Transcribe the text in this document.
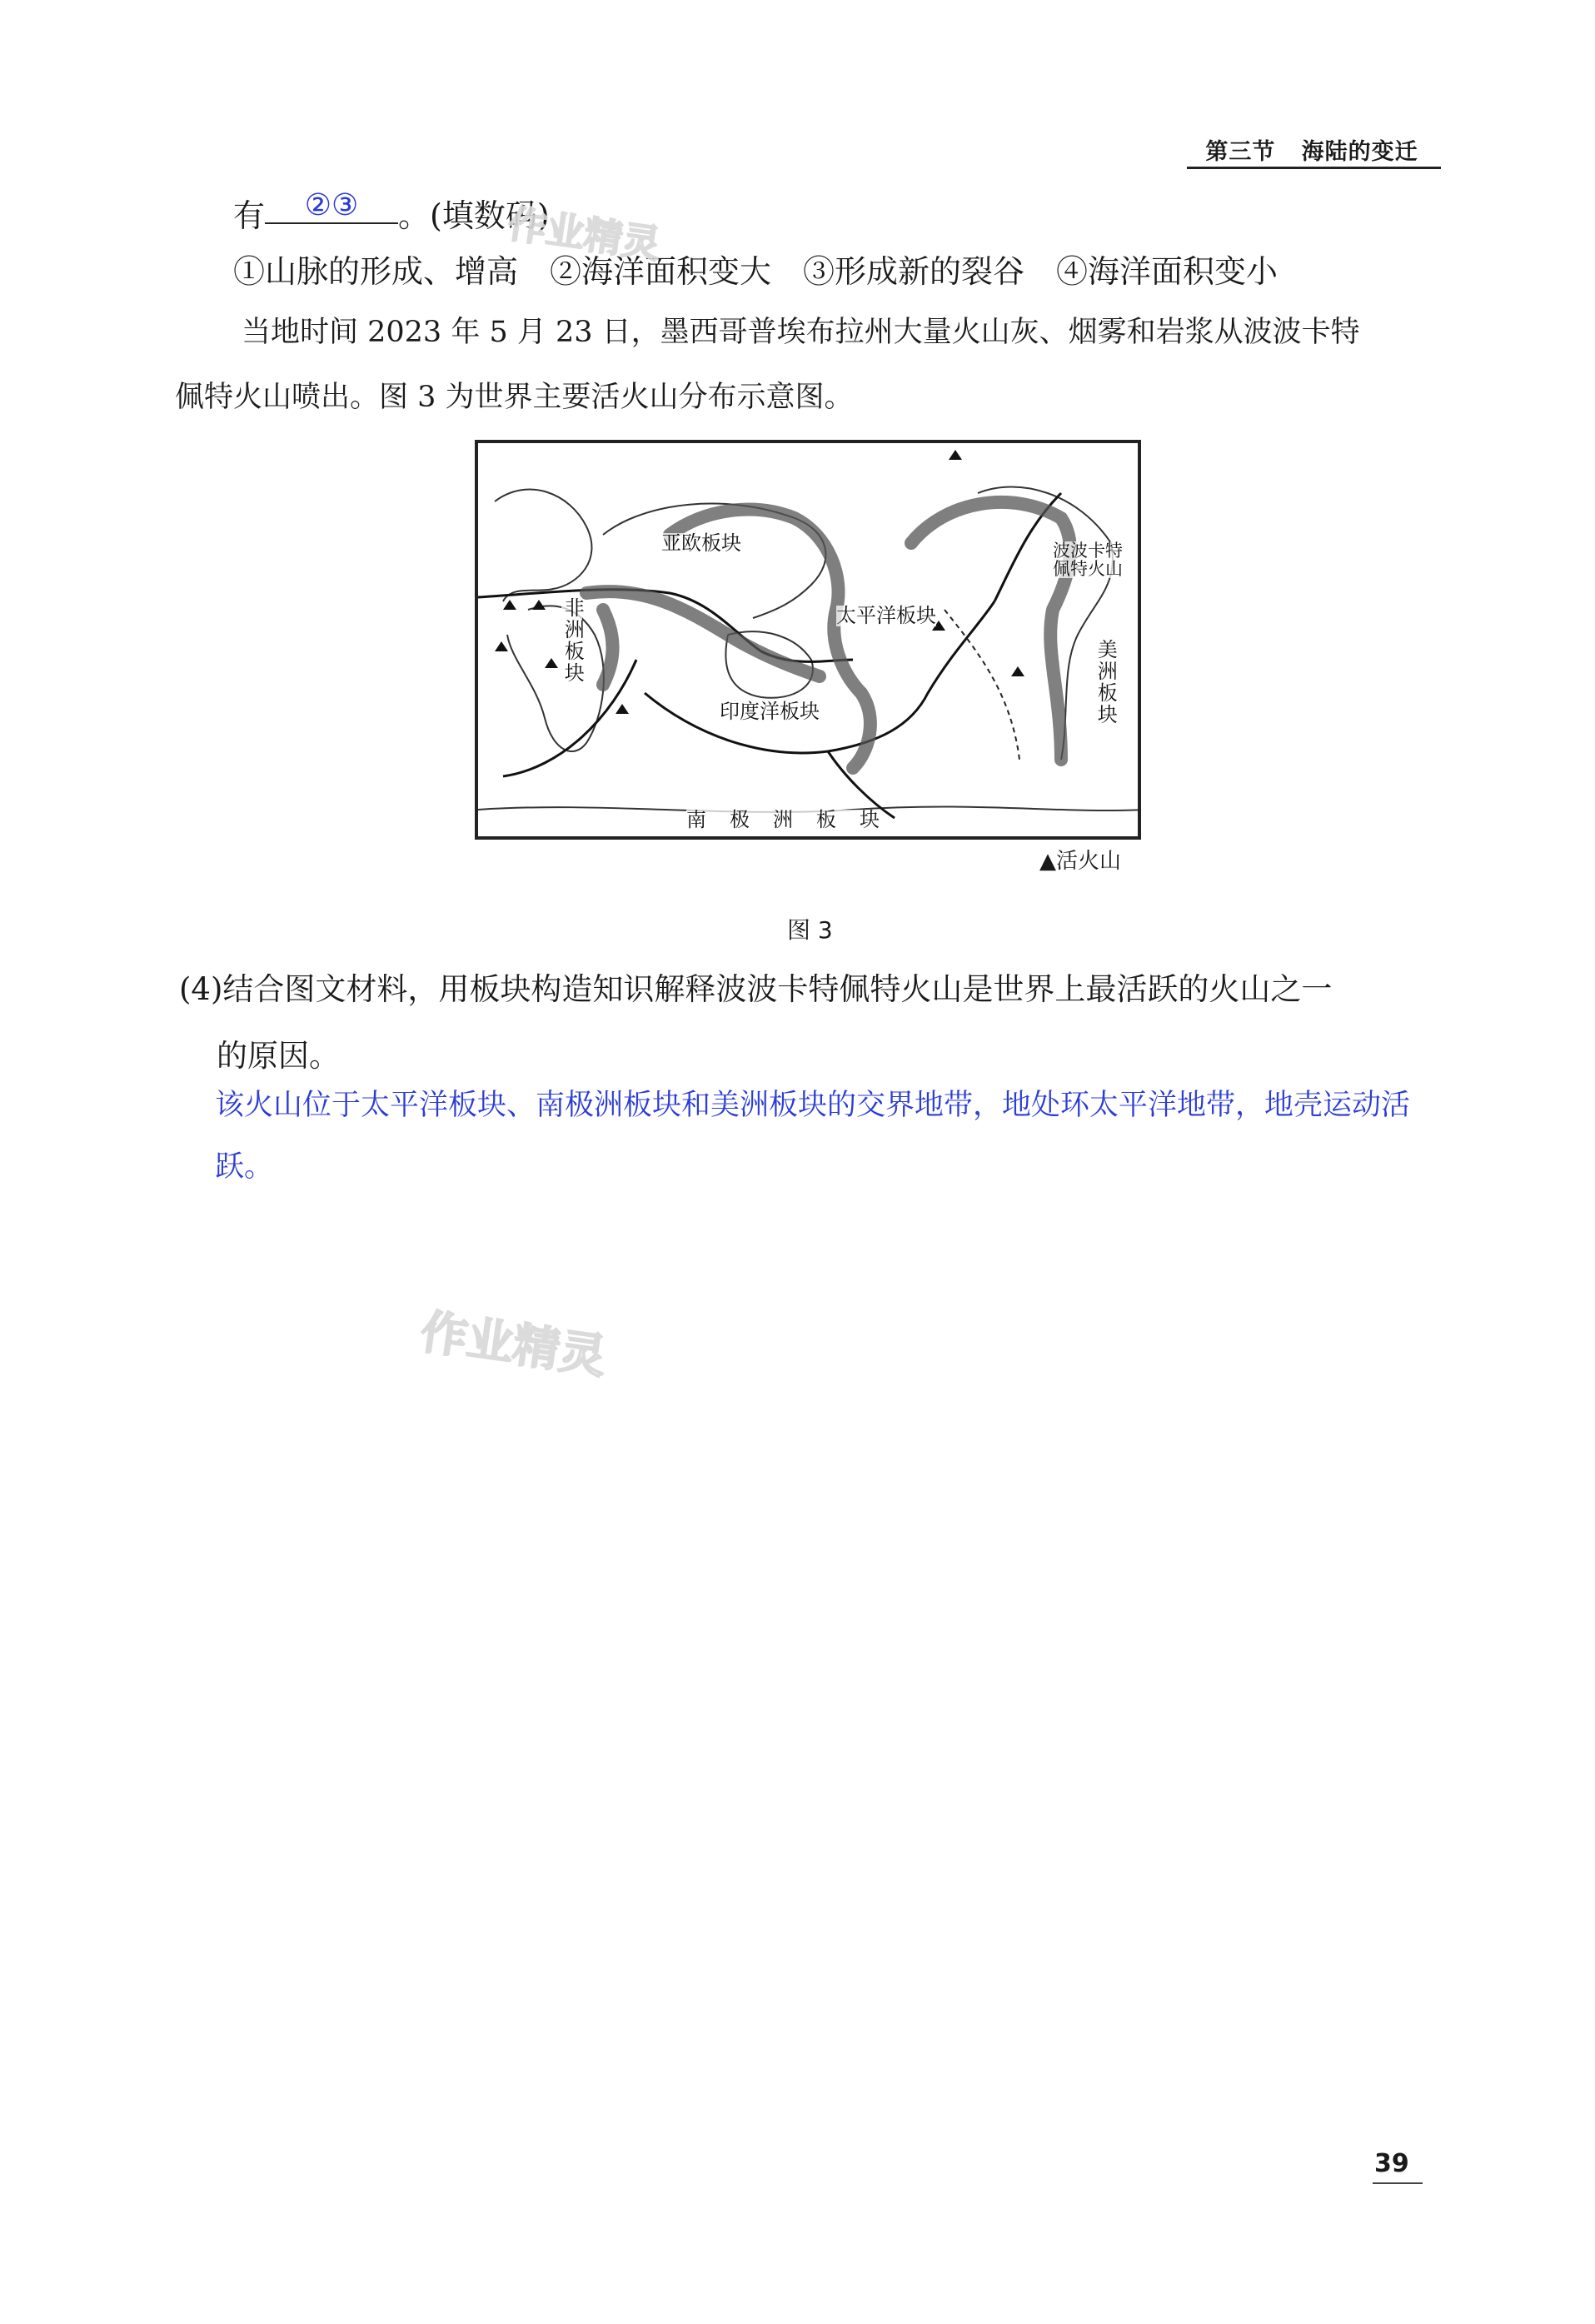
第三节 海陆的变迁
有 ②③ 。(填数码)
①山脉的形成、增高　②海洋面积变大　③形成新的裂谷　④海洋面积变小
当地时间 2023 年 5 月 23 日，墨西哥普埃布拉州大量火山灰、烟雾和岩浆从波波卡特
佩特火山喷出。图 3 为世界主要活火山分布示意图。
亚欧板块
非洲板块	太平洋板块
印度洋板块
南　极　洲　板　块
美洲板块
波波卡特佩特火山
▲活火山
图 3
(4)结合图文材料，用板块构造知识解释波波卡特佩特火山是世界上最活跃的火山之一
的原因。
该火山位于太平洋板块、南极洲板块和美洲板块的交界地带，地处环太平洋地带，地壳运动活跃。
作业精灵
作业精灵
39
